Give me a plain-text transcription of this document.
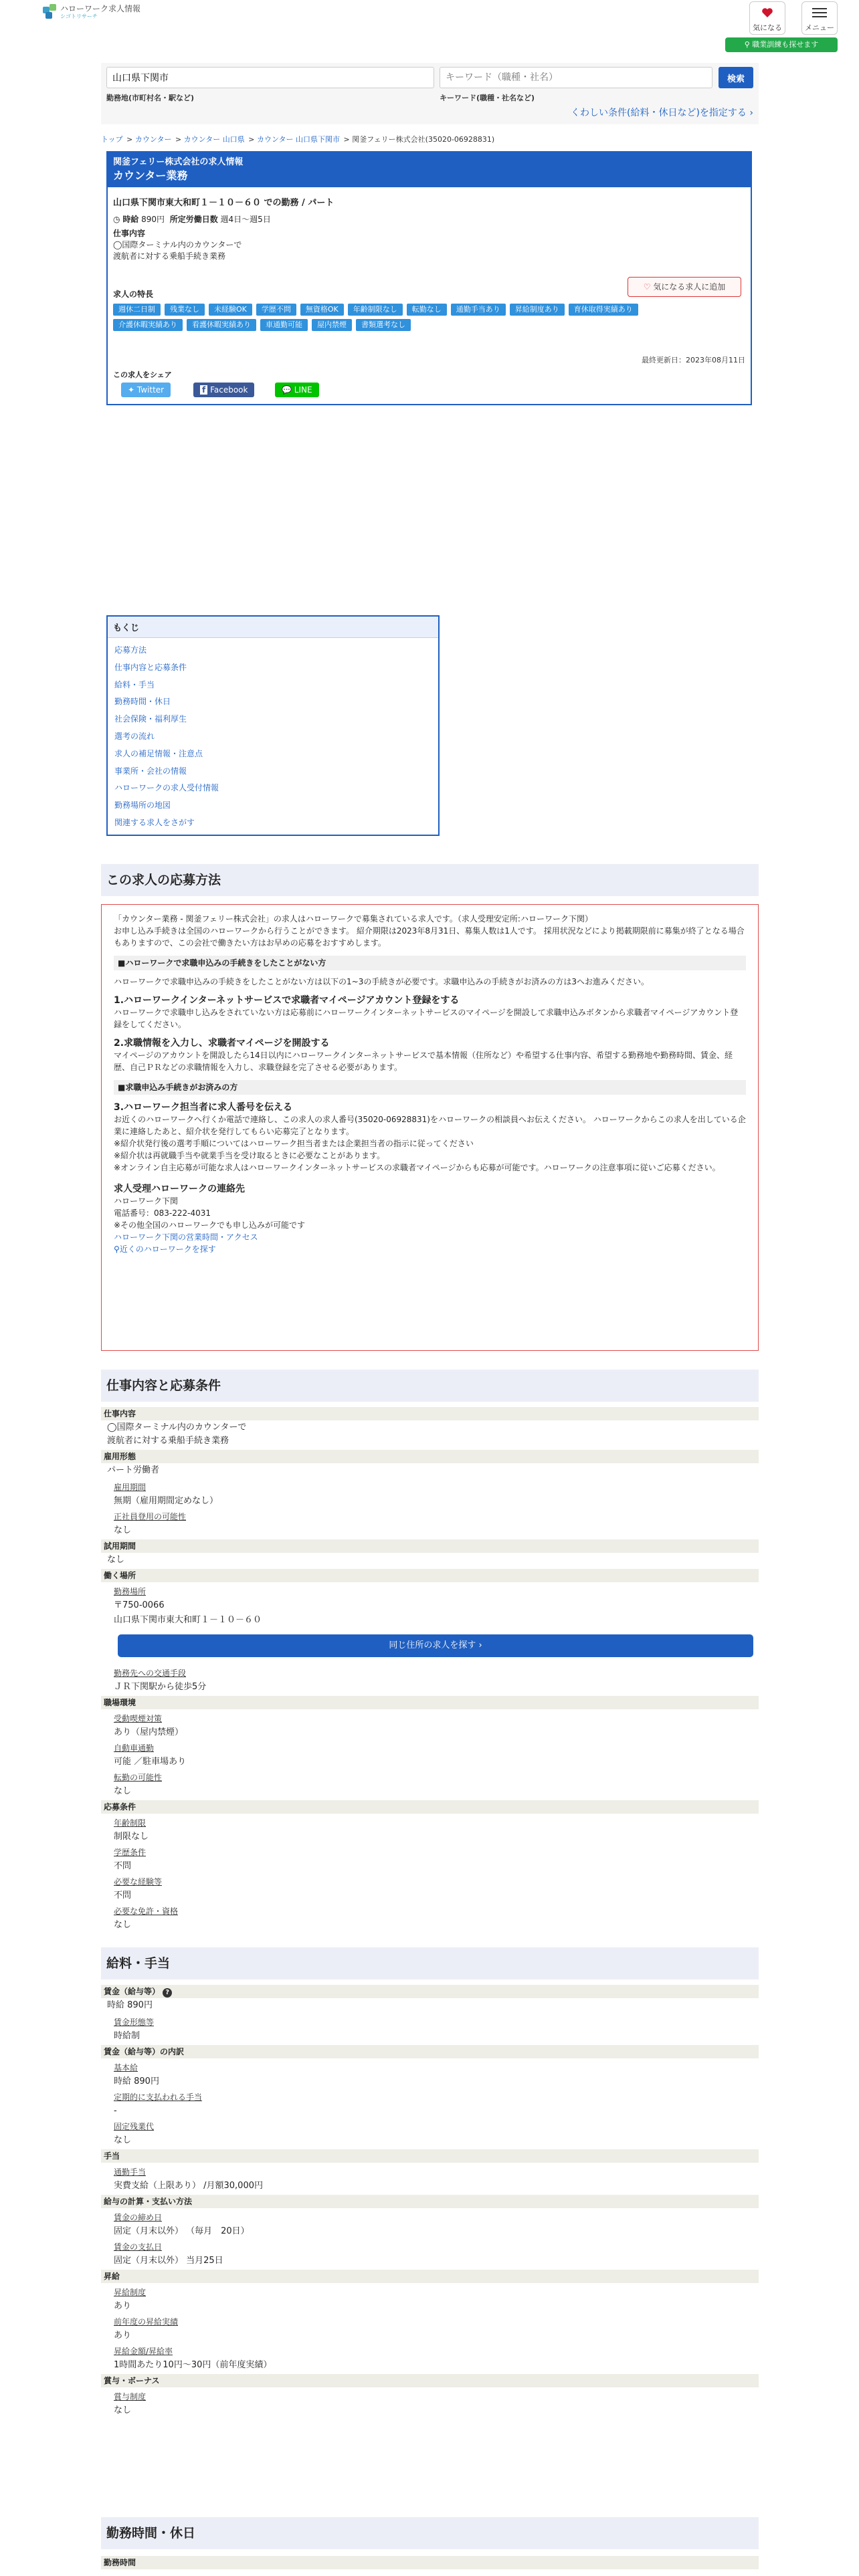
ハローワーク求人情報
シゴトリサーチ
気になる	メニュー
⚲ 職業訓練も探せます
山口県下関市
キーワード（職種・社名）
検索
勤務地(市町村名・駅など)	キーワード(職種・社名など)
くわしい条件(給料・休日など)を指定する ›
トップ > カウンター > カウンター 山口県 > カウンター 山口県下関市 > 関釜フェリー株式会社(35020-06928831)
関釜フェリー株式会社の求人情報
カウンター業務
山口県下関市東大和町１－１０－６０ での勤務 / パート
◷ 時給 890円 所定労働日数 週4日～週5日
仕事内容
◯国際ターミナル内のカウンターで
渡航者に対する乗船手続き業務
求人の特長
週休二日制	残業なし	未経験OK	学歴不問	無資格OK	年齢制限なし	転勤なし	通勤手当あり	昇給制度あり	育休取得実績あり
介護休暇実績あり	看護休暇実績あり	車通勤可能	屋内禁煙	書類選考なし
♡ 気になる求人に追加
最終更新日：2023年08月11日
この求人をシェア
✦ Twitter	f Facebook	💬 LINE
もくじ
応募方法
仕事内容と応募条件
給料・手当
勤務時間・休日
社会保険・福利厚生
選考の流れ
求人の補足情報・注意点
事業所・会社の情報
ハローワークの求人受付情報
勤務場所の地図
関連する求人をさがす
この求人の応募方法
「カウンター業務 - 関釜フェリー株式会社」の求人はハローワークで募集されている求人です。（求人受理安定所:ハローワーク下関）
お申し込み手続きは全国のハローワークから行うことができます。 紹介期限は2023年8月31日、募集人数は1人です。 採用状況などにより掲載期限前に募集が終了となる場合もありますので、この会社で働きたい方はお早めの応募をおすすめします。
■ハローワークで求職申込みの手続きをしたことがない方
ハローワークで求職申込みの手続きをしたことがない方は以下の1~3の手続きが必要です。求職申込みの手続きがお済みの方は3へお進みください。
1.ハローワークインターネットサービスで求職者マイページアカウント登録をする
ハローワークで求職申し込みをされていない方は応募前にハローワークインターネットサービスのマイページを開設して求職申込みボタンから求職者マイページアカウント登録をしてください。
2.求職情報を入力し、求職者マイページを開設する
マイページのアカウントを開設したら14日以内にハローワークインターネットサービスで基本情報（住所など）や希望する仕事内容、希望する勤務地や勤務時間、賃金、経歴、自己ＰＲなどの求職情報を入力し、求職登録を完了させる必要があります。
■求職申込み手続きがお済みの方
3.ハローワーク担当者に求人番号を伝える
お近くのハローワークへ行くか電話で連絡し、この求人の求人番号(35020-06928831)をハローワークの相談員へお伝えください。 ハローワークからこの求人を出している企業に連絡したあと、紹介状を発行してもらい応募完了となります。
※紹介状発行後の選考手順についてはハローワーク担当者または企業担当者の指示に従ってください
※紹介状は再就職手当や就業手当を受け取るときに必要なことがあります。
※オンライン自主応募が可能な求人はハローワークインターネットサービスの求職者マイページからも応募が可能です。ハローワークの注意事項に従いご応募ください。
求人受理ハローワークの連絡先
ハローワーク下関
電話番号：083-222-4031
※その他全国のハローワークでも申し込みが可能です
ハローワーク下関の営業時間・アクセス
⚲近くのハローワークを探す
仕事内容と応募条件
仕事内容
◯国際ターミナル内のカウンターで
渡航者に対する乗船手続き業務
雇用形態
パート労働者
雇用期間
無期（雇用期間定めなし）
正社員登用の可能性
なし
試用期間
なし
働く場所
勤務場所
〒750-0066
山口県下関市東大和町１－１０－６０
同じ住所の求人を探す ›
勤務先への交通手段
ＪＲ下関駅から徒歩5分
職場環境
受動喫煙対策
あり（屋内禁煙）
自動車通勤
可能 ／駐車場あり
転勤の可能性
なし
応募条件
年齢制限
制限なし
学歴条件
不問
必要な経験等
不問
必要な免許・資格
なし
給料・手当
賃金（給与等） ?
時給 890円
賃金形態等
時給制
賃金（給与等）の内訳
基本給
時給 890円
定期的に支払われる手当
-
固定残業代
なし
手当
通勤手当
実費支給（上限あり） /月額30,000円
給与の計算・支払い方法
賃金の締め日
固定（月末以外） （毎月　20日）
賃金の支払日
固定（月末以外） 当月25日
昇給
昇給制度
あり
前年度の昇給実績
あり
昇給金額/昇給率
1時間あたり10円～30円（前年度実績）
賞与・ボーナス
賞与制度
なし
勤務時間・休日
勤務時間
